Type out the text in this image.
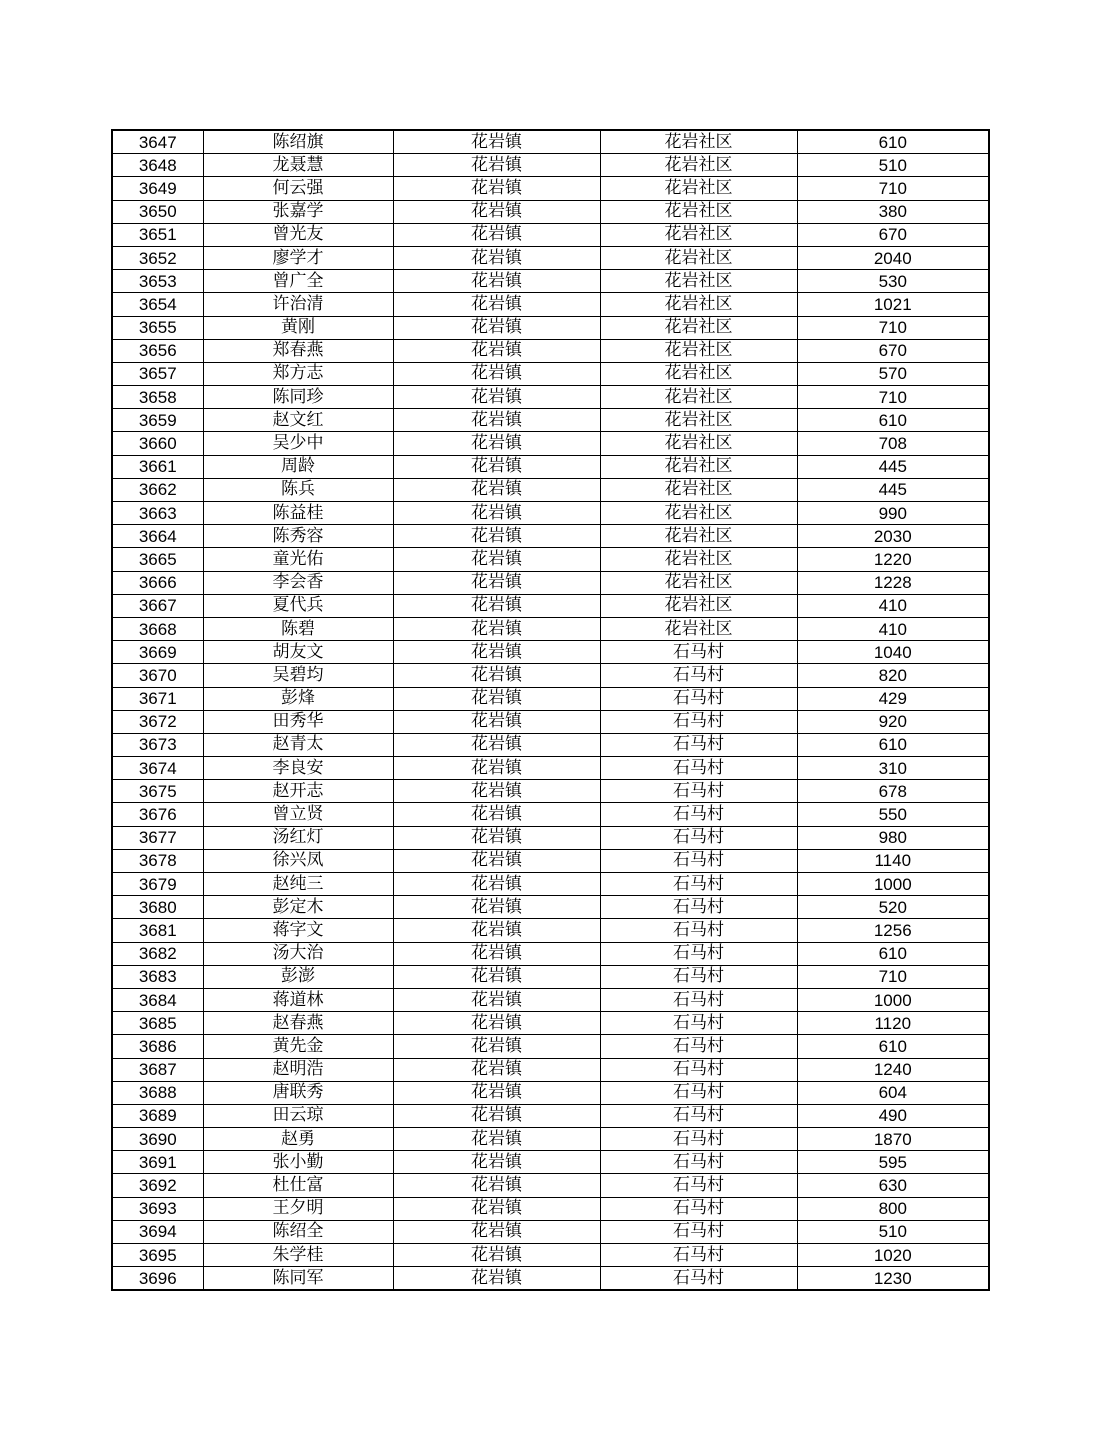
3647	陈绍旗	花岩镇	花岩社区	610
3648	龙聂慧	花岩镇	花岩社区	510
3649	何云强	花岩镇	花岩社区	710
3650	张嘉学	花岩镇	花岩社区	380
3651	曾光友	花岩镇	花岩社区	670
3652	廖学才	花岩镇	花岩社区	2040
3653	曾广全	花岩镇	花岩社区	530
3654	许治清	花岩镇	花岩社区	1021
3655	黄刚	花岩镇	花岩社区	710
3656	郑春燕	花岩镇	花岩社区	670
3657	郑方志	花岩镇	花岩社区	570
3658	陈同珍	花岩镇	花岩社区	710
3659	赵文红	花岩镇	花岩社区	610
3660	吴少中	花岩镇	花岩社区	708
3661	周龄	花岩镇	花岩社区	445
3662	陈兵	花岩镇	花岩社区	445
3663	陈益桂	花岩镇	花岩社区	990
3664	陈秀容	花岩镇	花岩社区	2030
3665	童光佑	花岩镇	花岩社区	1220
3666	李会香	花岩镇	花岩社区	1228
3667	夏代兵	花岩镇	花岩社区	410
3668	陈碧	花岩镇	花岩社区	410
3669	胡友文	花岩镇	石马村	1040
3670	吴碧均	花岩镇	石马村	820
3671	彭烽	花岩镇	石马村	429
3672	田秀华	花岩镇	石马村	920
3673	赵青太	花岩镇	石马村	610
3674	李良安	花岩镇	石马村	310
3675	赵开志	花岩镇	石马村	678
3676	曾立贤	花岩镇	石马村	550
3677	汤红灯	花岩镇	石马村	980
3678	徐兴凤	花岩镇	石马村	1140
3679	赵纯三	花岩镇	石马村	1000
3680	彭定木	花岩镇	石马村	520
3681	蒋字文	花岩镇	石马村	1256
3682	汤大治	花岩镇	石马村	610
3683	彭澎	花岩镇	石马村	710
3684	蒋道林	花岩镇	石马村	1000
3685	赵春燕	花岩镇	石马村	1120
3686	黄先金	花岩镇	石马村	610
3687	赵明浩	花岩镇	石马村	1240
3688	唐联秀	花岩镇	石马村	604
3689	田云琼	花岩镇	石马村	490
3690	赵勇	花岩镇	石马村	1870
3691	张小勤	花岩镇	石马村	595
3692	杜仕富	花岩镇	石马村	630
3693	王夕明	花岩镇	石马村	800
3694	陈绍全	花岩镇	石马村	510
3695	朱学桂	花岩镇	石马村	1020
3696	陈同军	花岩镇	石马村	1230
